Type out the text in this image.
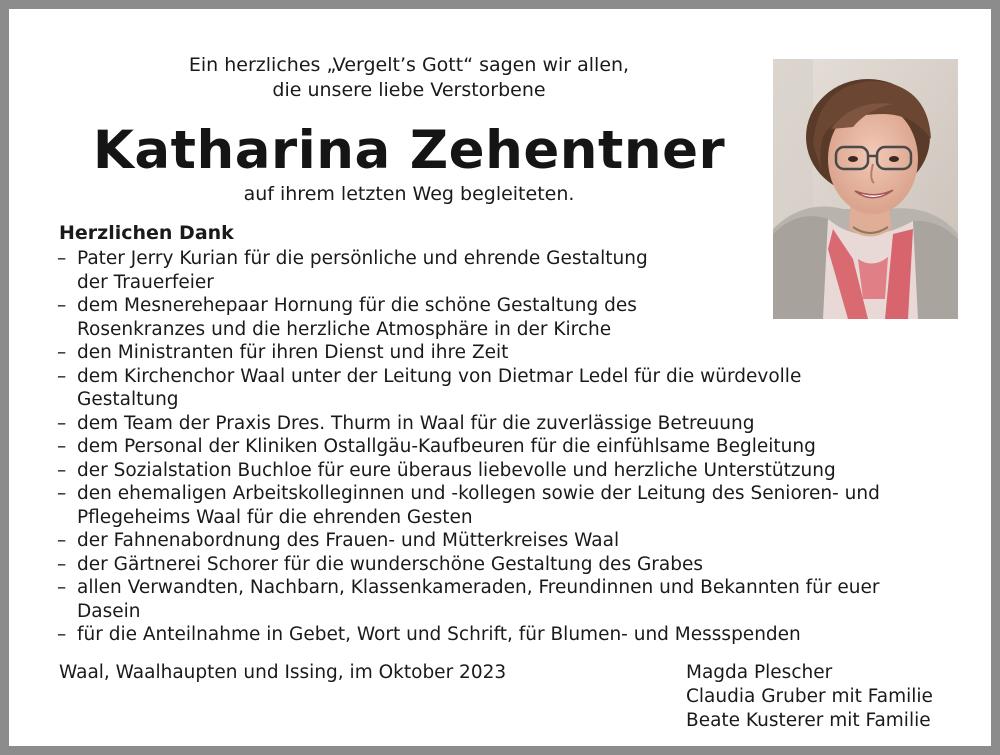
Ein herzliches „Vergelt’s Gott“ sagen wir allen,
die unsere liebe Verstorbene
Katharina Zehentner
auf ihrem letzten Weg begleiteten.
Herzlichen Dank
– Pater Jerry Kurian für die persönliche und ehrende Gestaltung
der Trauerfeier
– dem Mesnerehepaar Hornung für die schöne Gestaltung des
Rosenkranzes und die herzliche Atmosphäre in der Kirche
– den Ministranten für ihren Dienst und ihre Zeit
– dem Kirchenchor Waal unter der Leitung von Dietmar Ledel für die würdevolle
Gestaltung
– dem Team der Praxis Dres. Thurm in Waal für die zuverlässige Betreuung
– dem Personal der Kliniken Ostallgäu-Kaufbeuren für die einfühlsame Begleitung
– der Sozialstation Buchloe für eure überaus liebevolle und herzliche Unterstützung
– den ehemaligen Arbeitskolleginnen und -kollegen sowie der Leitung des Senioren- und
Pflegeheims Waal für die ehrenden Gesten
– der Fahnenabordnung des Frauen- und Mütterkreises Waal
– der Gärtnerei Schorer für die wunderschöne Gestaltung des Grabes
– allen Verwandten, Nachbarn, Klassenkameraden, Freundinnen und Bekannten für euer
Dasein
– für die Anteilnahme in Gebet, Wort und Schrift, für Blumen- und Messspenden
Waal, Waalhaupten und Issing, im Oktober 2023	Magda Plescher
Claudia Gruber mit Familie
Beate Kusterer mit Familie
